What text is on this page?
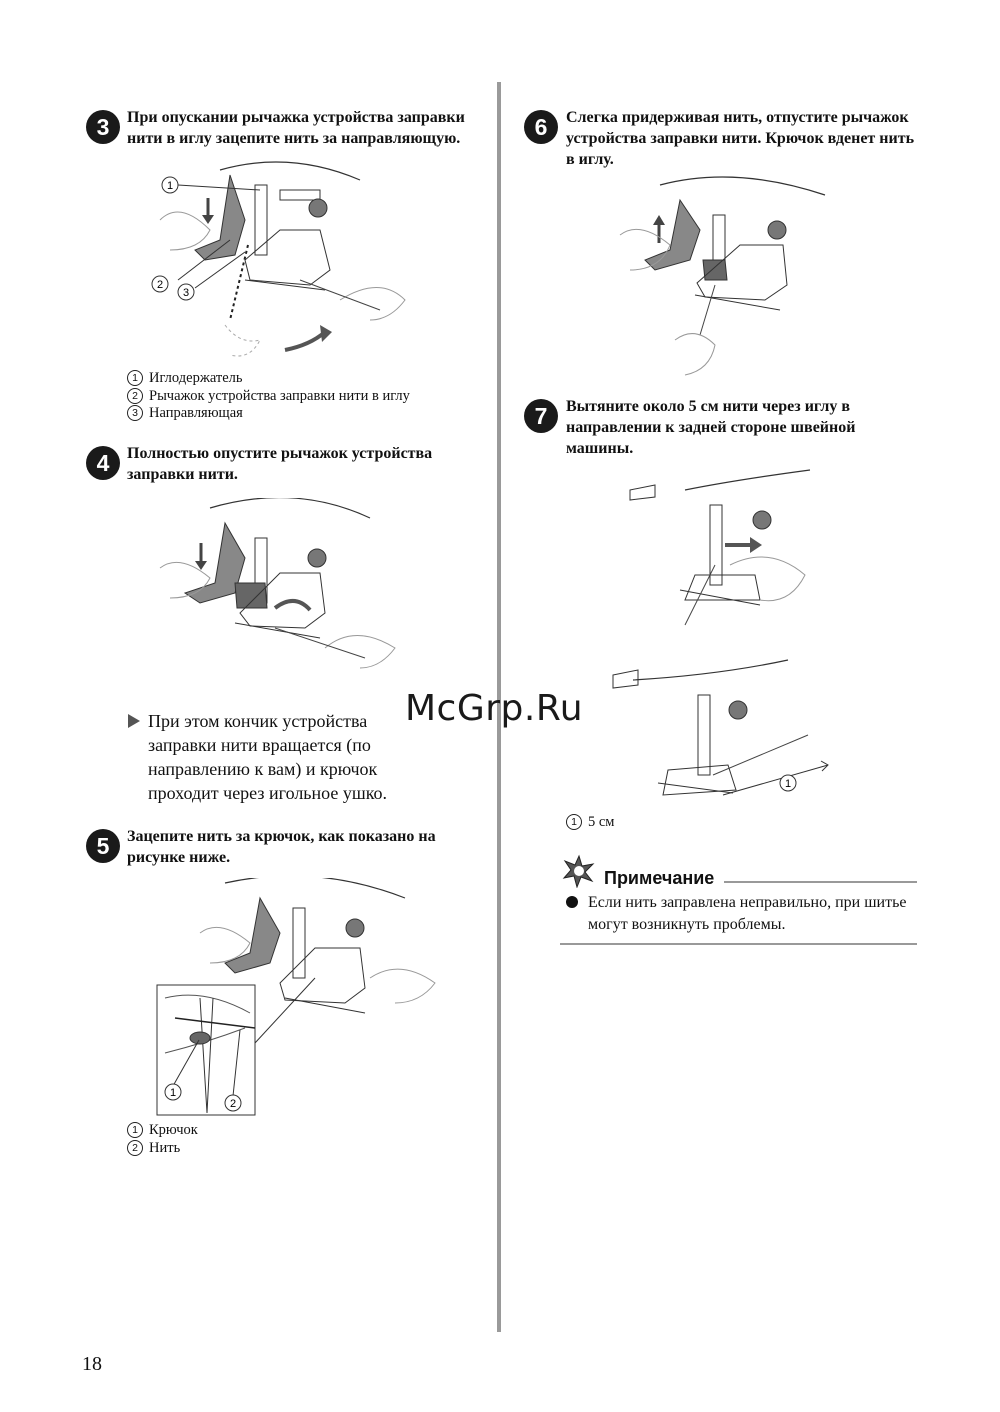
3	При опускании рычажка устройства заправки нити в иглу зацепите нить за направляющую.
1
2
3
1 Иглодержатель
2 Рычажок устройства заправки нити в иглу
3 Направляющая
4	Полностью опустите рычажок устройства заправки нити.
При этом кончик устройства заправки нити вращается (по направлению к вам) и крючок проходит через игольное ушко.
5	Зацепите нить за крючок, как показано на рисунке ниже.
1
2
1 Крючок
2 Нить
6	Слегка придерживая нить, отпустите рычажок устройства заправки нити. Крючок вденет нить в иглу.
7	Вытяните около 5 см нити через иглу в направлении к задней стороне швейной машины.
1
1 5 см
Примечание
Если нить заправлена неправильно, при шитье могут возникнуть проблемы.
McGrp.Ru
18
